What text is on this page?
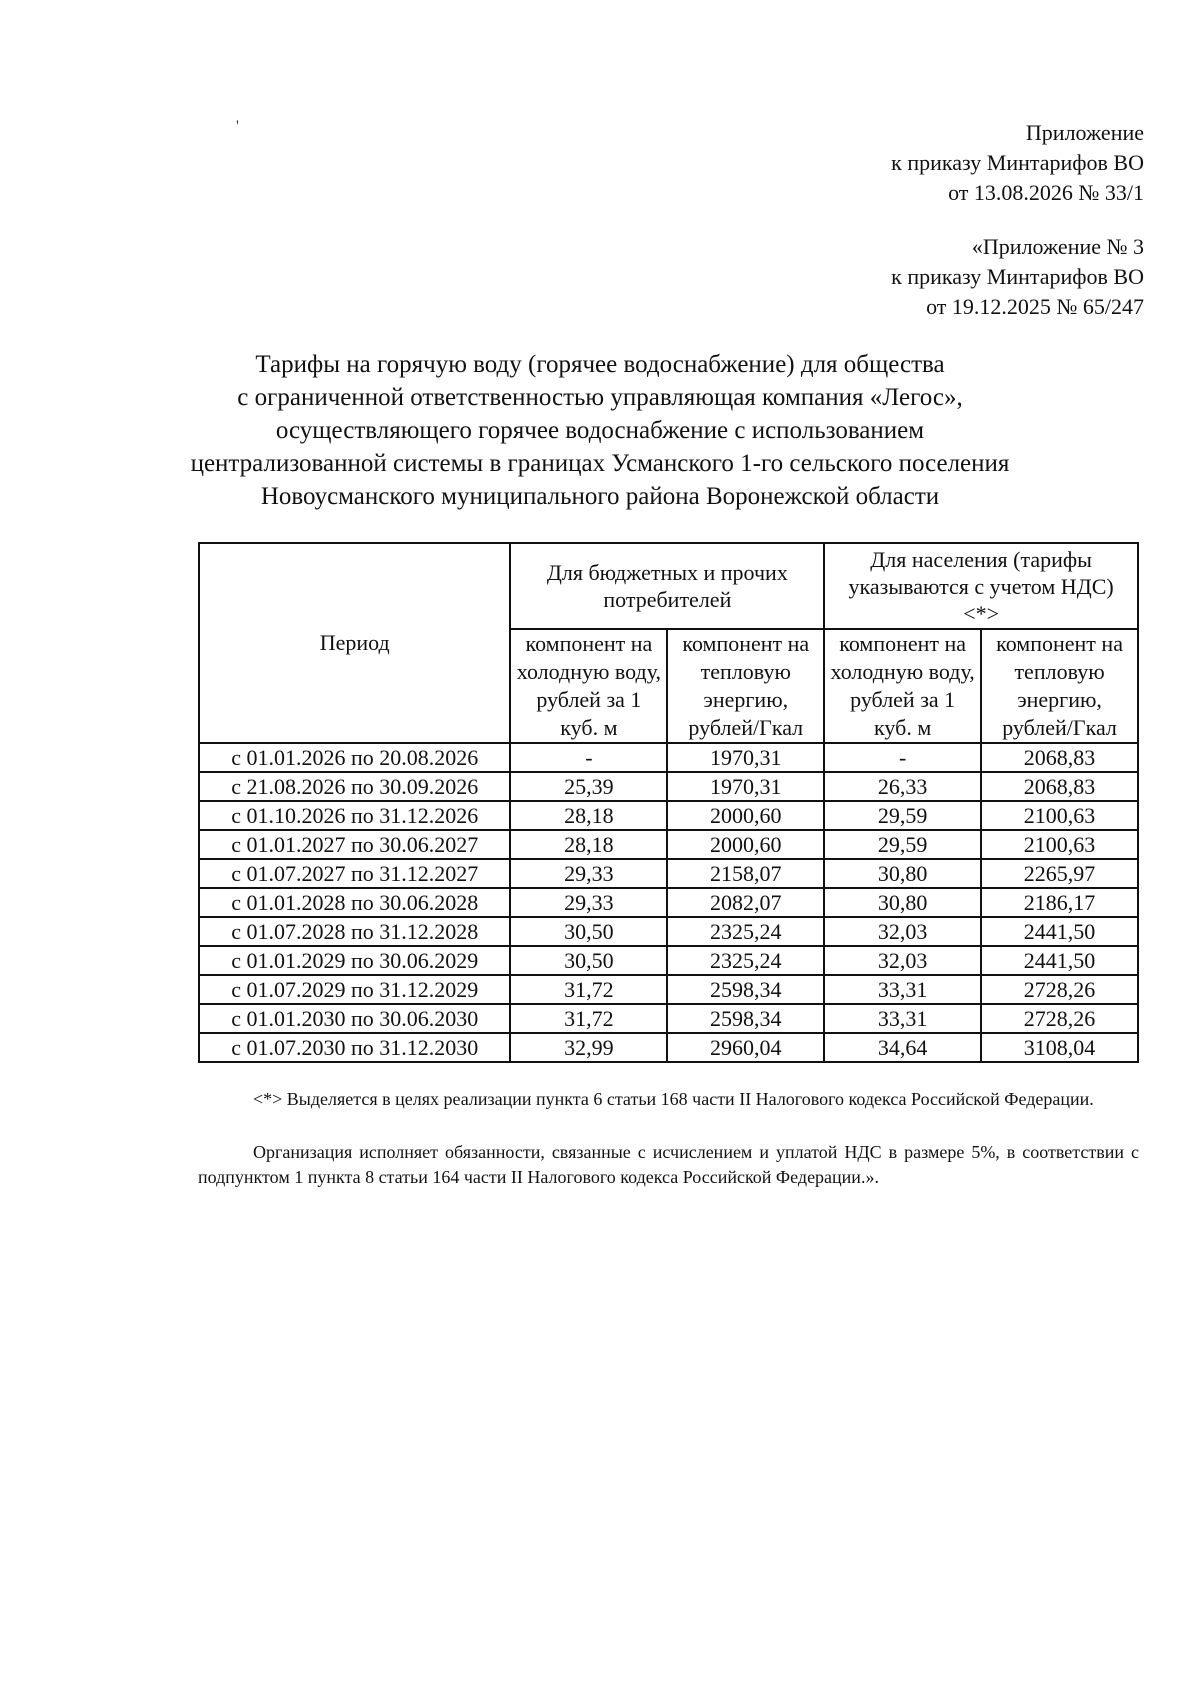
'	Приложение
к приказу Минтарифов ВО
от 13.08.2026 № 33/1
«Приложение № 3
к приказу Минтарифов ВО
от 19.12.2025 № 65/247
Тарифы на горячую воду (горячее водоснабжение) для общества
с ограниченной ответственностью управляющая компания «Легос»,
осуществляющего горячее водоснабжение с использованием
централизованной системы в границах Усманского 1-го сельского поселения
Новоусманского муниципального района Воронежской области
Период	Для бюджетных и прочих потребителей		Для населения (тарифы указываются с учетом НДС) <*>	
	компонент на холодную воду, рублей за 1 куб. м	компонент на тепловую энергию, рублей/Гкал	компонент на холодную воду, рублей за 1 куб. м	компонент на тепловую энергию, рублей/Гкал
с 01.01.2026 по 20.08.2026	-	1970,31	-	2068,83
с 21.08.2026 по 30.09.2026	25,39	1970,31	26,33	2068,83
с 01.10.2026 по 31.12.2026	28,18	2000,60	29,59	2100,63
с 01.01.2027 по 30.06.2027	28,18	2000,60	29,59	2100,63
с 01.07.2027 по 31.12.2027	29,33	2158,07	30,80	2265,97
с 01.01.2028 по 30.06.2028	29,33	2082,07	30,80	2186,17
с 01.07.2028 по 31.12.2028	30,50	2325,24	32,03	2441,50
с 01.01.2029 по 30.06.2029	30,50	2325,24	32,03	2441,50
с 01.07.2029 по 31.12.2029	31,72	2598,34	33,31	2728,26
с 01.01.2030 по 30.06.2030	31,72	2598,34	33,31	2728,26
с 01.07.2030 по 31.12.2030	32,99	2960,04	34,64	3108,04
<*> Выделяется в целях реализации пункта 6 статьи 168 части II Налогового кодекса Российской Федерации.
Организация исполняет обязанности, связанные с исчислением и уплатой НДС в размере 5%, в соответствии с подпунктом 1 пункта 8 статьи 164 части II Налогового кодекса Российской Федерации.».
